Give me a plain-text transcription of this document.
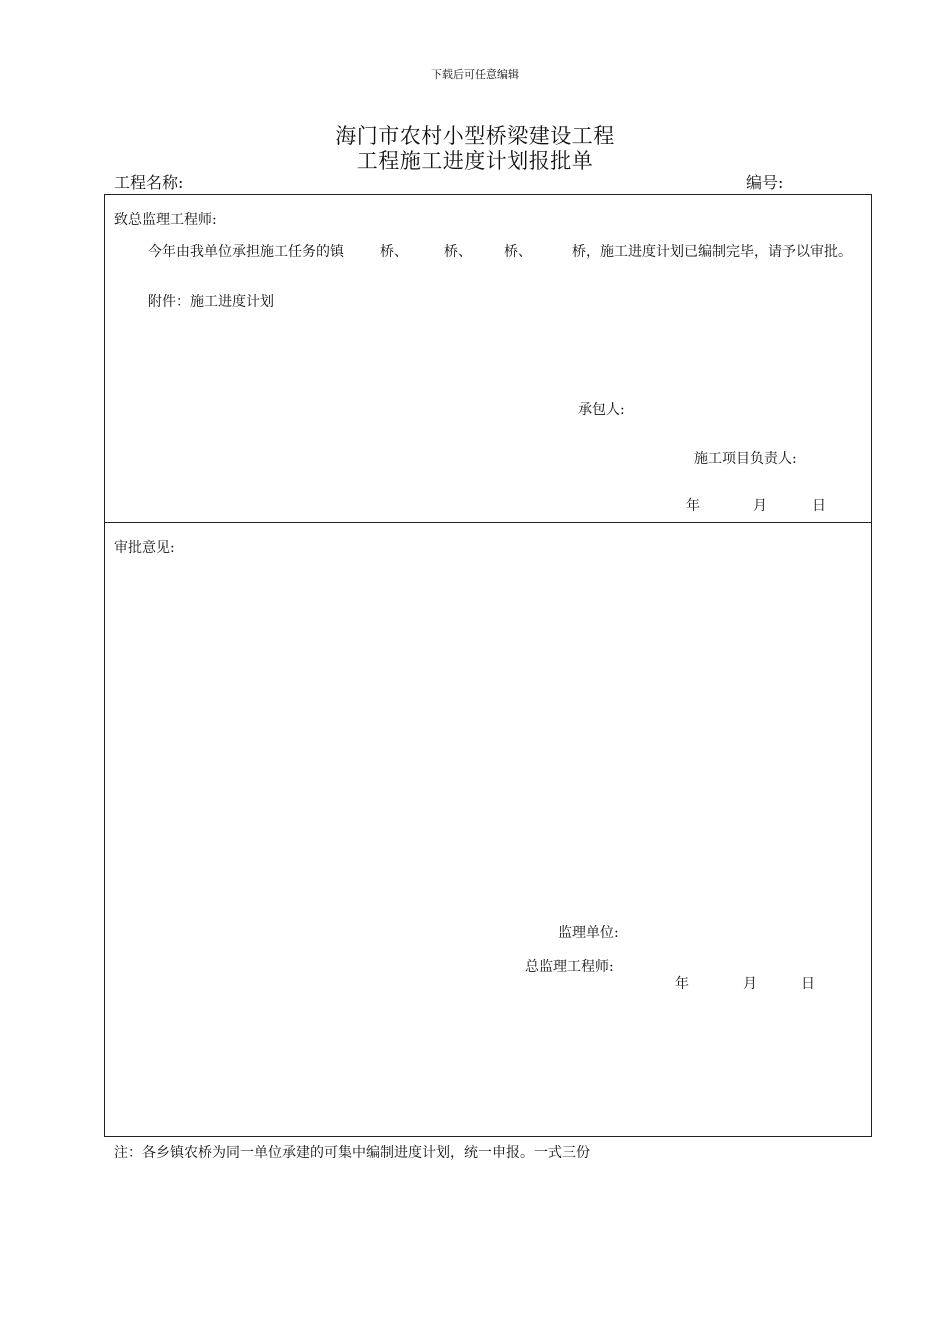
下载后可任意编辑
海门市农村小型桥梁建设工程
工程施工进度计划报批单
工程名称:	编号:
致总监理工程师:
今年由我单位承担施工任务的镇	桥、	桥、 桥、	桥，施工进度计划已编制完毕，请予以审批。
附件：施工进度计划
承包人:
施工项目负责人:
年	月	日
审批意见:
监理单位:
总监理工程师:
年	月	日
注：各乡镇农桥为同一单位承建的可集中编制进度计划，统一申报。一式三份
